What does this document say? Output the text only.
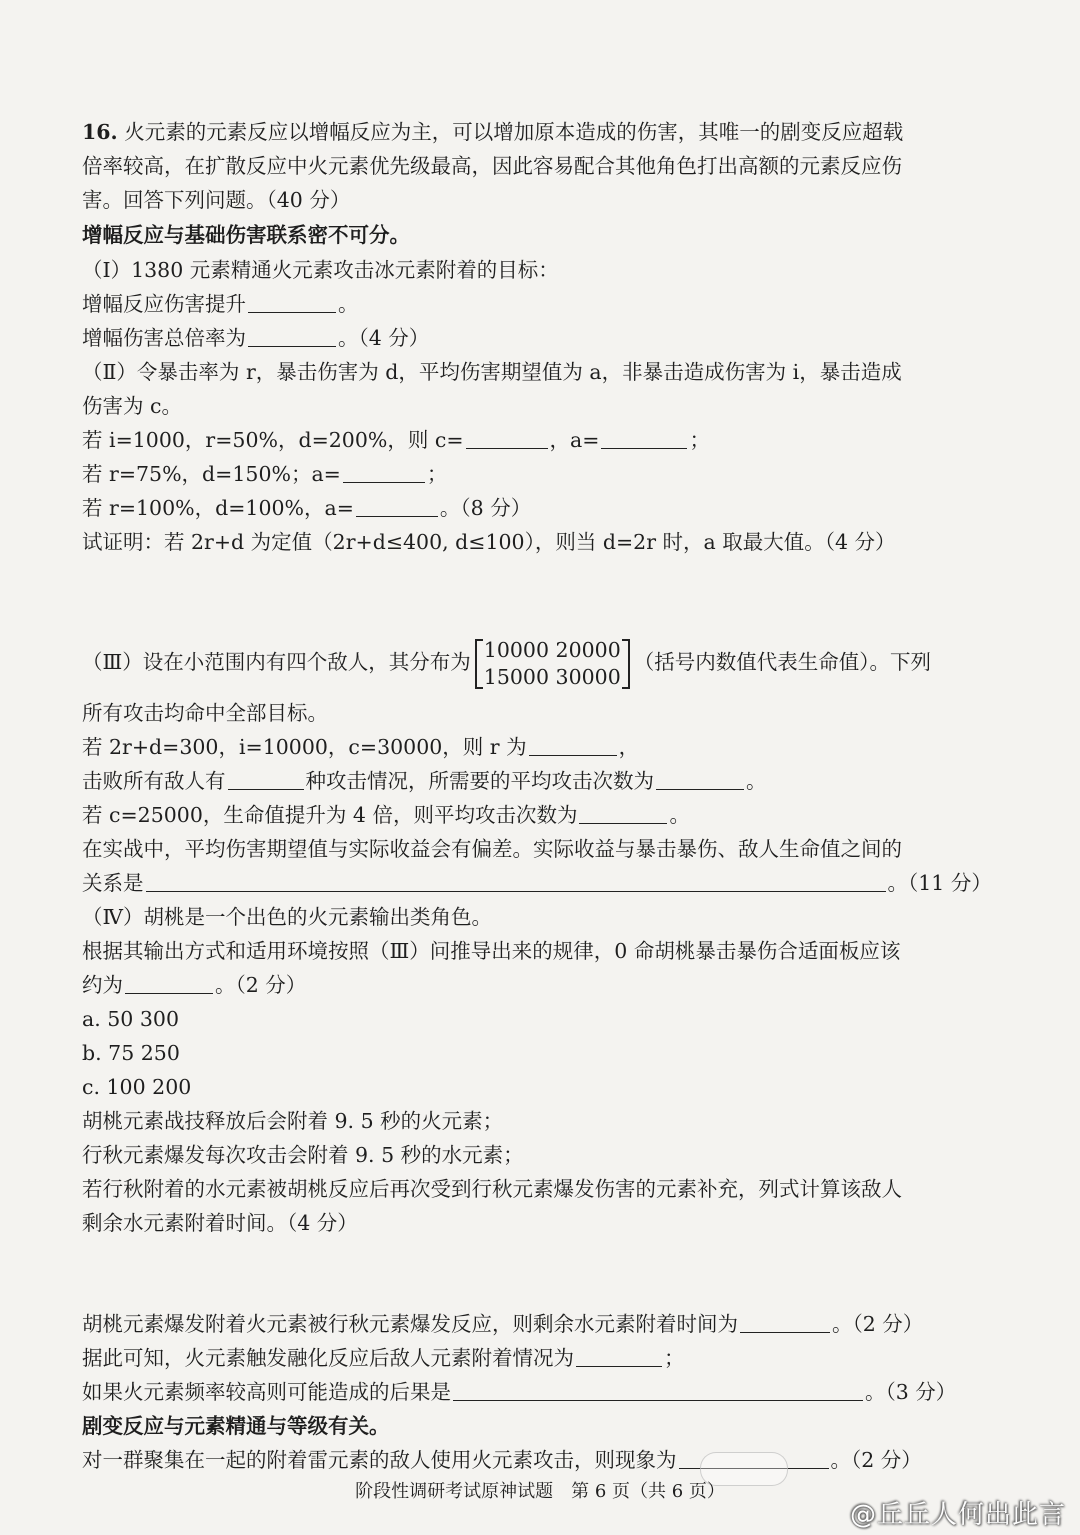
16. 火元素的元素反应以增幅反应为主，可以增加原本造成的伤害，其唯一的剧变反应超载
倍率较高，在扩散反应中火元素优先级最高，因此容易配合其他角色打出高额的元素反应伤
害。回答下列问题。（40 分）
增幅反应与基础伤害联系密不可分。
（Ⅰ）1380 元素精通火元素攻击冰元素附着的目标：
增幅反应伤害提升	。
增幅伤害总倍率为	。（4 分）
（Ⅱ）令暴击率为 r，暴击伤害为 d，平均伤害期望值为 a，非暴击造成伤害为 i，暴击造成
伤害为 c。
若 i=1000，r=50%，d=200%，则 c=	，a=	；
若 r=75%，d=150%；a=	；
若 r=100%，d=100%，a=	。（8 分）
试证明：若 2r+d 为定值（2r+d≤400, d≤100），则当 d=2r 时，a 取最大值。（4 分）
（Ⅲ）设在小范围内有四个敌人，其分布为
10000 20000
15000 30000
（括号内数值代表生命值）。下列
所有攻击均命中全部目标。
若 2r+d=300，i=10000，c=30000，则 r 为	，
击败所有敌人有	种攻击情况，所需要的平均攻击次数为	。
若 c=25000，生命值提升为 4 倍，则平均攻击次数为	。
在实战中，平均伤害期望值与实际收益会有偏差。实际收益与暴击暴伤、敌人生命值之间的
关系是	。（11 分）
（Ⅳ）胡桃是一个出色的火元素输出类角色。
根据其输出方式和适用环境按照（Ⅲ）问推导出来的规律，0 命胡桃暴击暴伤合适面板应该
约为	。（2 分）
a. 50 300
b. 75 250
c. 100 200
胡桃元素战技释放后会附着 9. 5 秒的火元素；
行秋元素爆发每次攻击会附着 9. 5 秒的水元素；
若行秋附着的水元素被胡桃反应后再次受到行秋元素爆发伤害的元素补充，列式计算该敌人
剩余水元素附着时间。（4 分）
胡桃元素爆发附着火元素被行秋元素爆发反应，则剩余水元素附着时间为	。（2 分）
据此可知，火元素触发融化反应后敌人元素附着情况为	；
如果火元素频率较高则可能造成的后果是	。（3 分）
剧变反应与元素精通与等级有关。
对一群聚集在一起的附着雷元素的敌人使用火元素攻击，则现象为	。（2 分）
阶段性调研考试原神试题　第 6 页（共 6 页）
@丘丘人何出此言
